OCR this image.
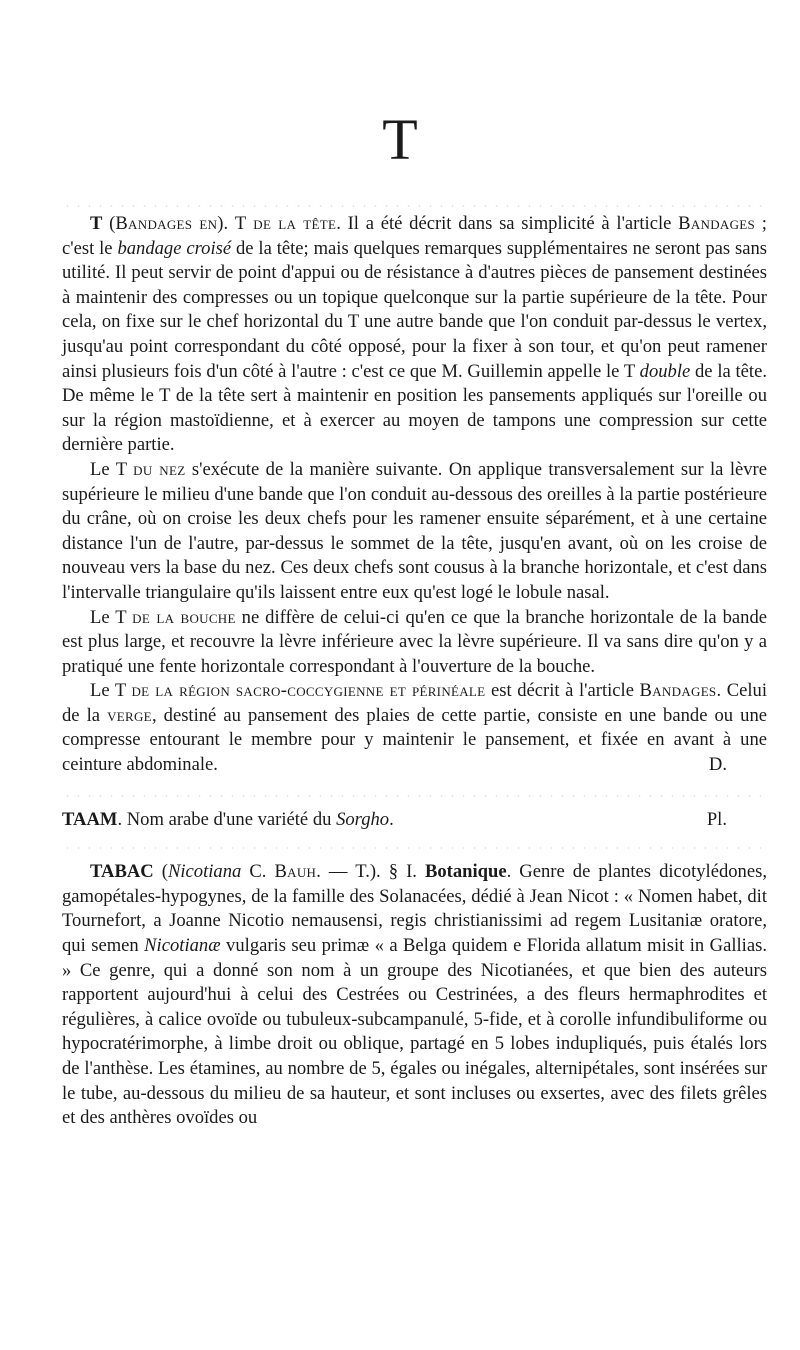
T

T (Bandages en). T de la tête. Il a été décrit dans sa simplicité à l'article Bandages ; c'est le bandage croisé de la tête; mais quelques remarques supplémentaires ne seront pas sans utilité. Il peut servir de point d'appui ou de résistance à d'autres pièces de pansement destinées à maintenir des compresses ou un topique quelconque sur la partie supérieure de la tête. Pour cela, on fixe sur le chef horizontal du T une autre bande que l'on conduit par-dessus le vertex, jusqu'au point correspondant du côté opposé, pour la fixer à son tour, et qu'on peut ramener ainsi plusieurs fois d'un côté à l'autre : c'est ce que M. Guillemin appelle le T double de la tête. De même le T de la tête sert à maintenir en position les pansements appliqués sur l'oreille ou sur la région mastoïdienne, et à exercer au moyen de tampons une compression sur cette dernière partie.

Le T du nez s'exécute de la manière suivante. On applique transversalement sur la lèvre supérieure le milieu d'une bande que l'on conduit au-dessous des oreilles à la partie postérieure du crâne, où on croise les deux chefs pour les ramener ensuite séparément, et à une certaine distance l'un de l'autre, par-dessus le sommet de la tête, jusqu'en avant, où on les croise de nouveau vers la base du nez. Ces deux chefs sont cousus à la branche horizontale, et c'est dans l'intervalle triangulaire qu'ils laissent entre eux qu'est logé le lobule nasal.

Le T de la bouche ne diffère de celui-ci qu'en ce que la branche horizontale de la bande est plus large, et recouvre la lèvre inférieure avec la lèvre supérieure. Il va sans dire qu'on y a pratiqué une fente horizontale correspondant à l'ouverture de la bouche.

Le T de la région sacro-coccygienne et périnéale est décrit à l'article Bandages. Celui de la verge, destiné au pansement des plaies de cette partie, consiste en une bande ou une compresse entourant le membre pour y maintenir le pansement, et fixée en avant à une ceinture abdominale.	D.

TAAM. Nom arabe d'une variété du Sorgho.	Pl.

TABAC (Nicotiana C. Bauh. — T.). § I. Botanique. Genre de plantes dicotylédones, gamopétales-hypogynes, de la famille des Solanacées, dédié à Jean Nicot : « Nomen habet, dit Tournefort, a Joanne Nicotio nemausensi, regis christianissimi ad regem Lusitaniæ oratore, qui semen Nicotianæ vulgaris seu primæ « a Belga quidem e Florida allatum misit in Gallias. » Ce genre, qui a donné son nom à un groupe des Nicotianées, et que bien des auteurs rapportent aujourd'hui à celui des Cestrées ou Cestrinées, a des fleurs hermaphrodites et régulières, à calice ovoïde ou tubuleux-subcampanulé, 5-fide, et à corolle infundibuliforme ou hypocratérimorphe, à limbe droit ou oblique, partagé en 5 lobes indupliqués, puis étalés lors de l'anthèse. Les étamines, au nombre de 5, égales ou inégales, alternipétales, sont insérées sur le tube, au-dessous du milieu de sa hauteur, et sont incluses ou exsertes, avec des filets grêles et des anthères ovoïdes ou
